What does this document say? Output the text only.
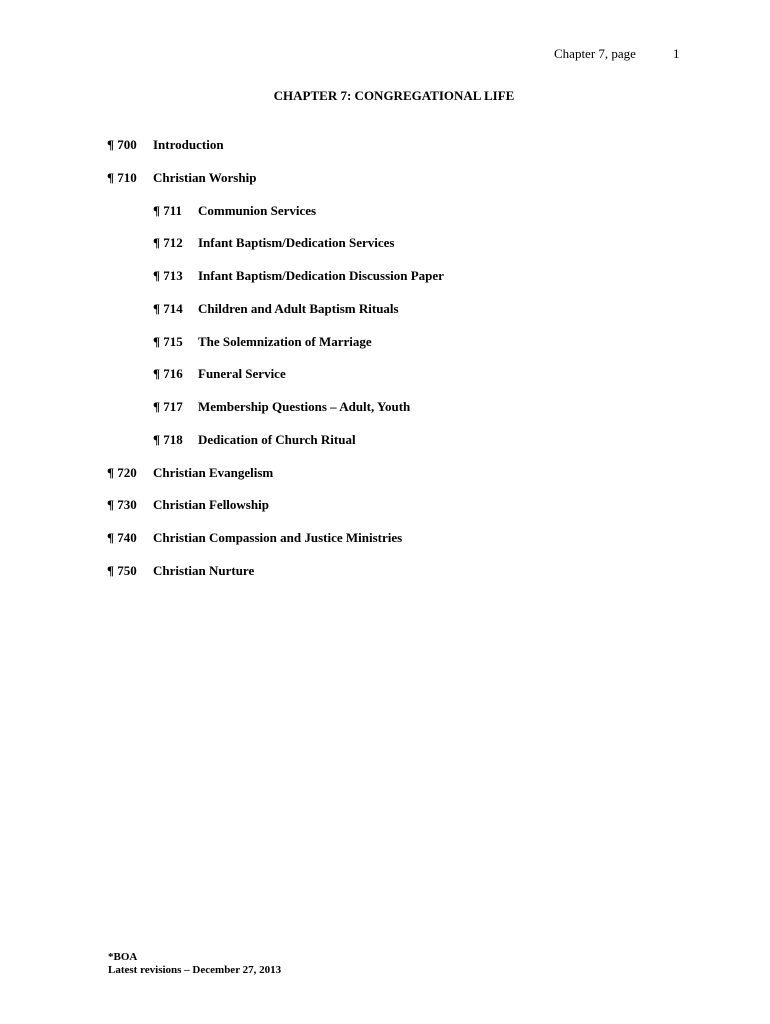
Chapter 7, page	1
CHAPTER 7: CONGREGATIONAL LIFE
¶ 700 Introduction
¶ 710 Christian Worship
¶ 711 Communion Services
¶ 712 Infant Baptism/Dedication Services
¶ 713 Infant Baptism/Dedication Discussion Paper
¶ 714 Children and Adult Baptism Rituals
¶ 715 The Solemnization of Marriage
¶ 716 Funeral Service
¶ 717 Membership Questions – Adult, Youth
¶ 718 Dedication of Church Ritual
¶ 720 Christian Evangelism
¶ 730 Christian Fellowship
¶ 740 Christian Compassion and Justice Ministries
¶ 750 Christian Nurture
*BOA
Latest revisions – December 27, 2013
